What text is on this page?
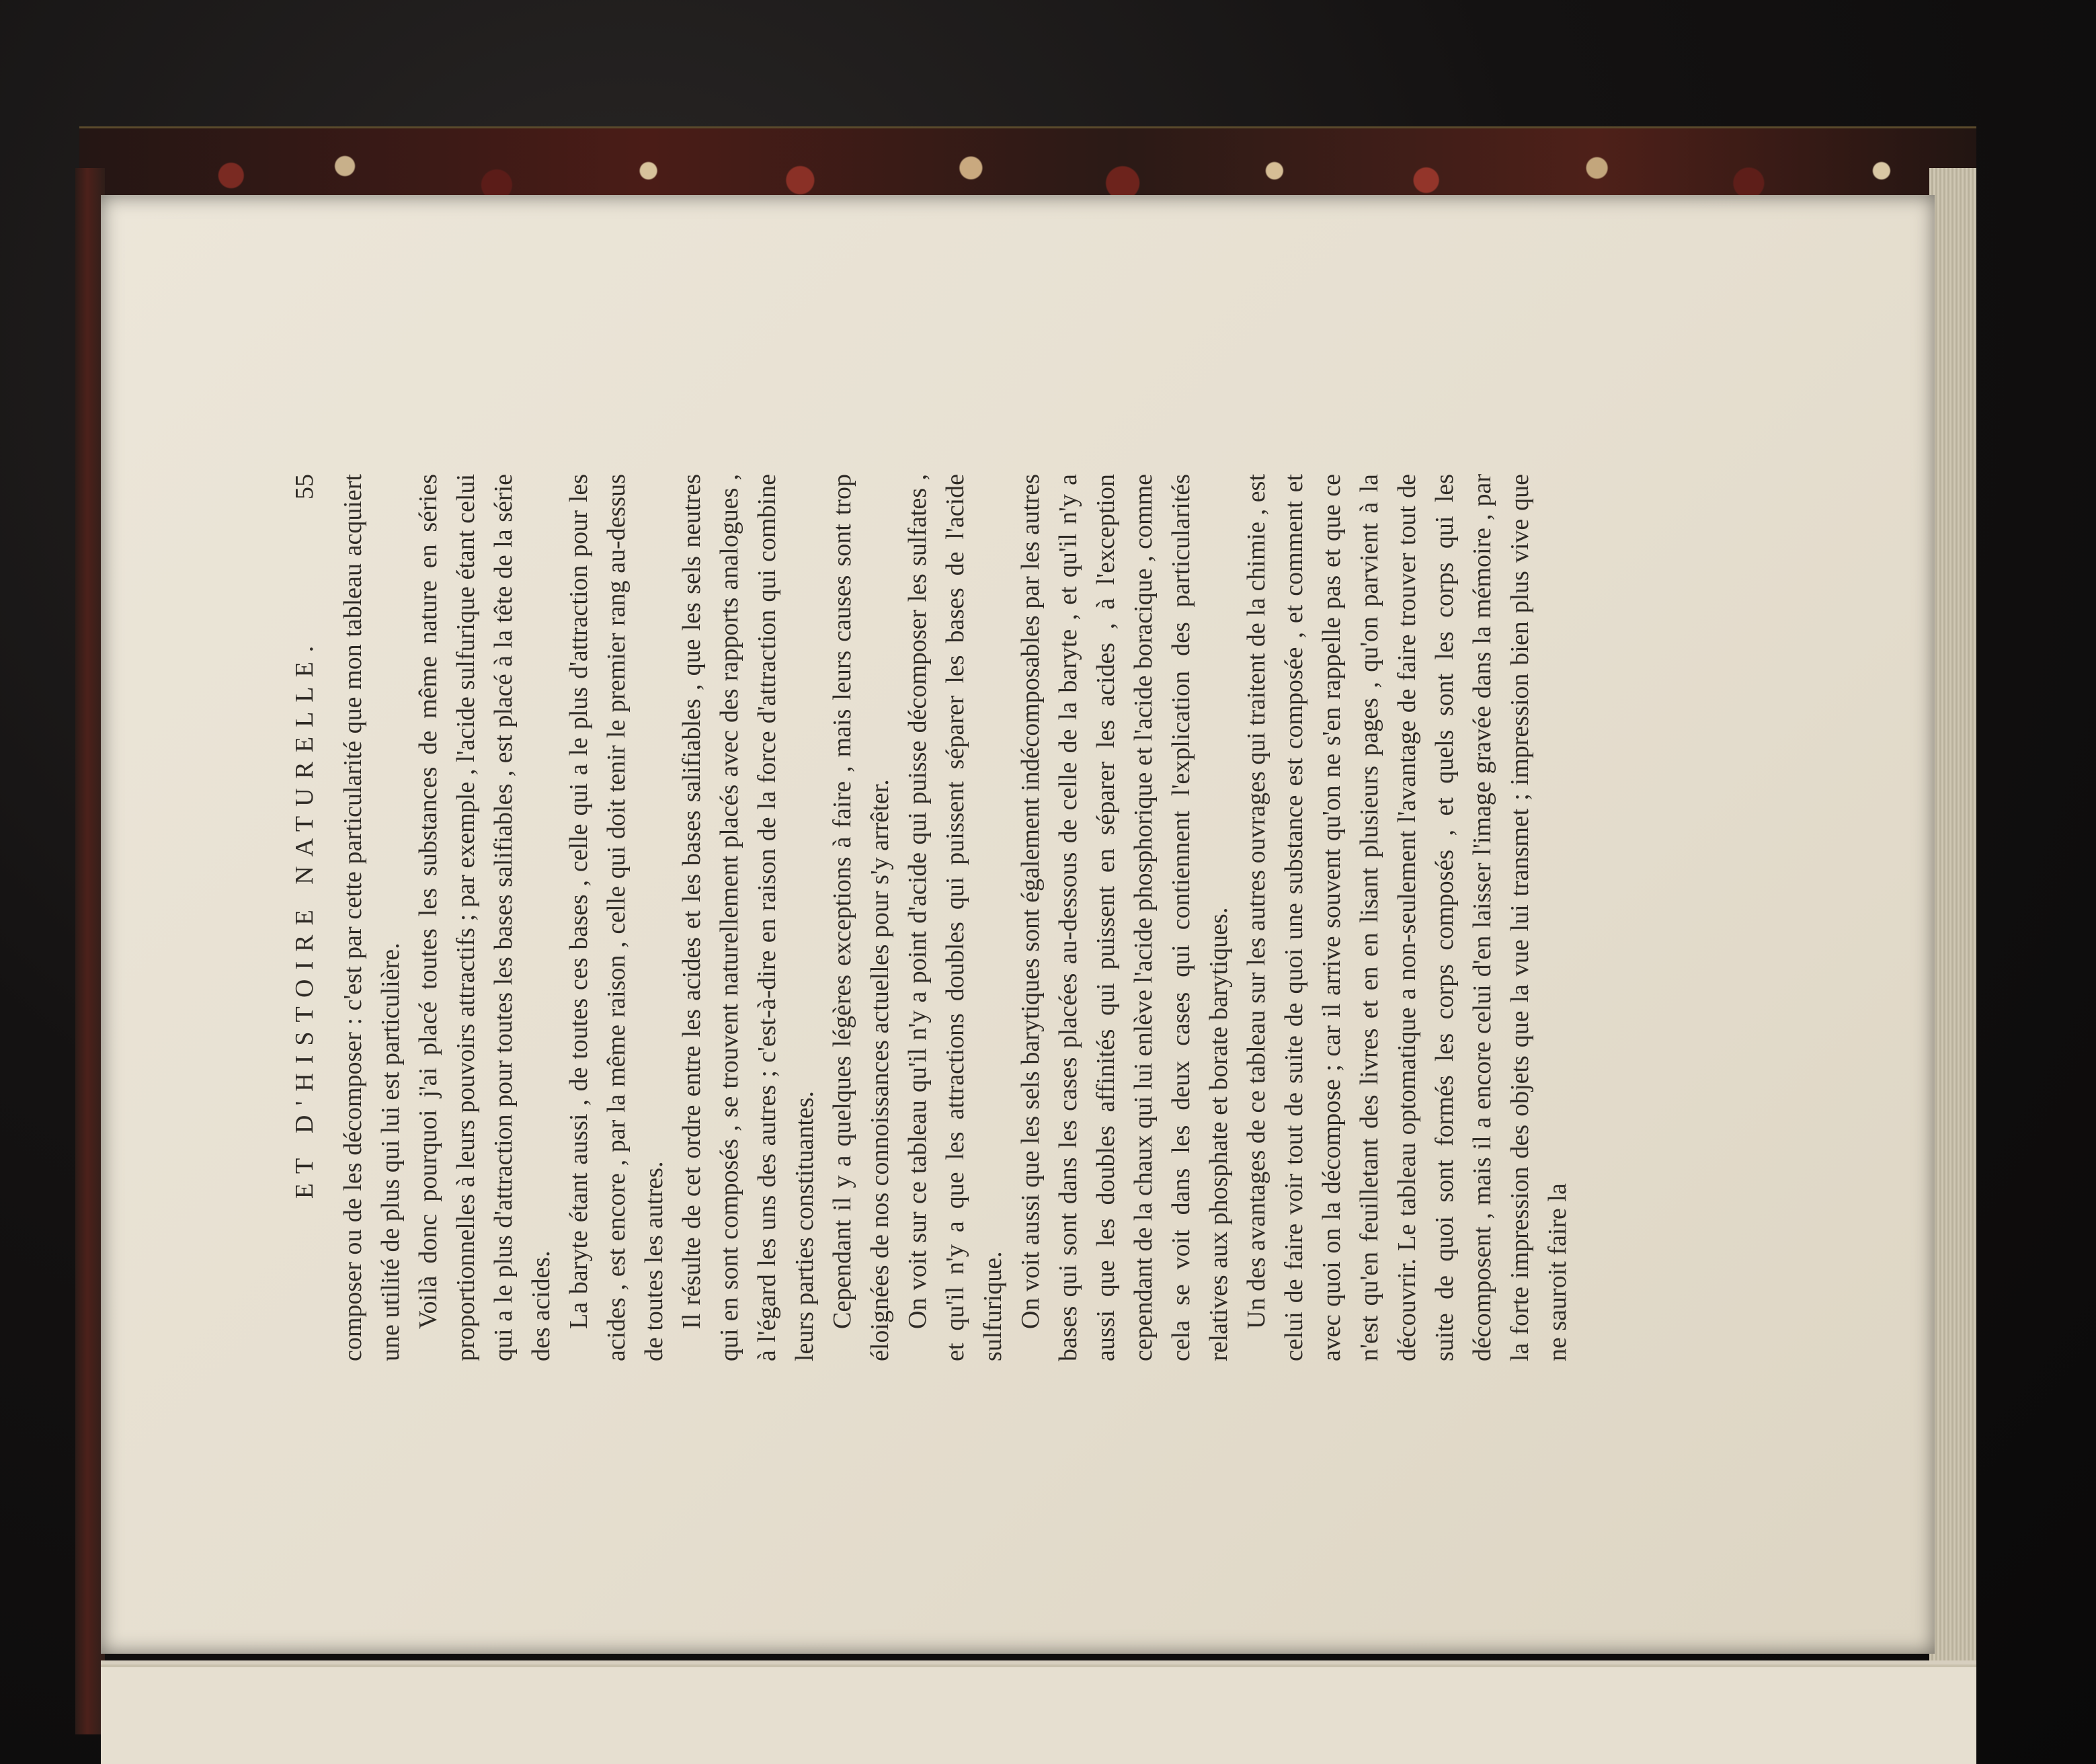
ET D'HISTOIRE NATURELLE.
55 composer ou de les décomposer : c'est par cette particularité que mon tableau acquiert une utilité de plus qui lui est particulière. Voilà donc pourquoi j'ai placé toutes les substances de même nature en séries proportionnelles à leurs pouvoirs attractifs ; par exemple , l'acide sulfurique étant celui qui a le plus d'attraction pour toutes les bases salifiables , est placé à la tête de la série des acides. La baryte étant aussi , de toutes ces bases , celle qui a le plus d'attraction pour les acides , est encore , par la même raison , celle qui doit tenir le premier rang au-dessus de toutes les autres. Il résulte de cet ordre entre les acides et les bases salifiables , que les sels neutres qui en sont composés , se trouvent naturellement placés avec des rapports analogues , à l'égard les uns des autres ; c'est-à-dire en raison de la force d'attraction qui combine leurs parties constituantes. Cependant il y a quelques légères exceptions à faire , mais leurs causes sont trop éloignées de nos connoissances actuelles pour s'y arrêter. On voit sur ce tableau qu'il n'y a point d'acide qui puisse décomposer les sulfates , et qu'il n'y a que les attractions doubles qui puissent séparer les bases de l'acide sulfurique. On voit aussi que les sels barytiques sont également indécomposables par les autres bases qui sont dans les cases placées au-dessous de celle de la baryte , et qu'il n'y a aussi que les doubles affinités qui puissent en séparer les acides , à l'exception cependant de la chaux qui lui enlève l'acide phosphorique et l'acide boracique , comme cela se voit dans les deux cases qui contiennent l'explication des particularités relatives aux phosphate et borate barytiques. Un des avantages de ce tableau sur les autres ouvrages qui traitent de la chimie , est celui de faire voir tout de suite de quoi une substance est composée , et comment et avec quoi on la décompose ; car il arrive souvent qu'on ne s'en rappelle pas et que ce n'est qu'en feuilletant des livres et en en lisant plusieurs pages , qu'on parvient à la découvrir. Le tableau optomatique a non-seulement l'avantage de faire trouver tout de suite de quoi sont formés les corps composés , et quels sont les corps qui les décomposent , mais il a encore celui d'en laisser l'image gravée dans la mémoire , par la forte impression des objets que la vue lui transmet ; impression bien plus vive que ne sauroit faire la
